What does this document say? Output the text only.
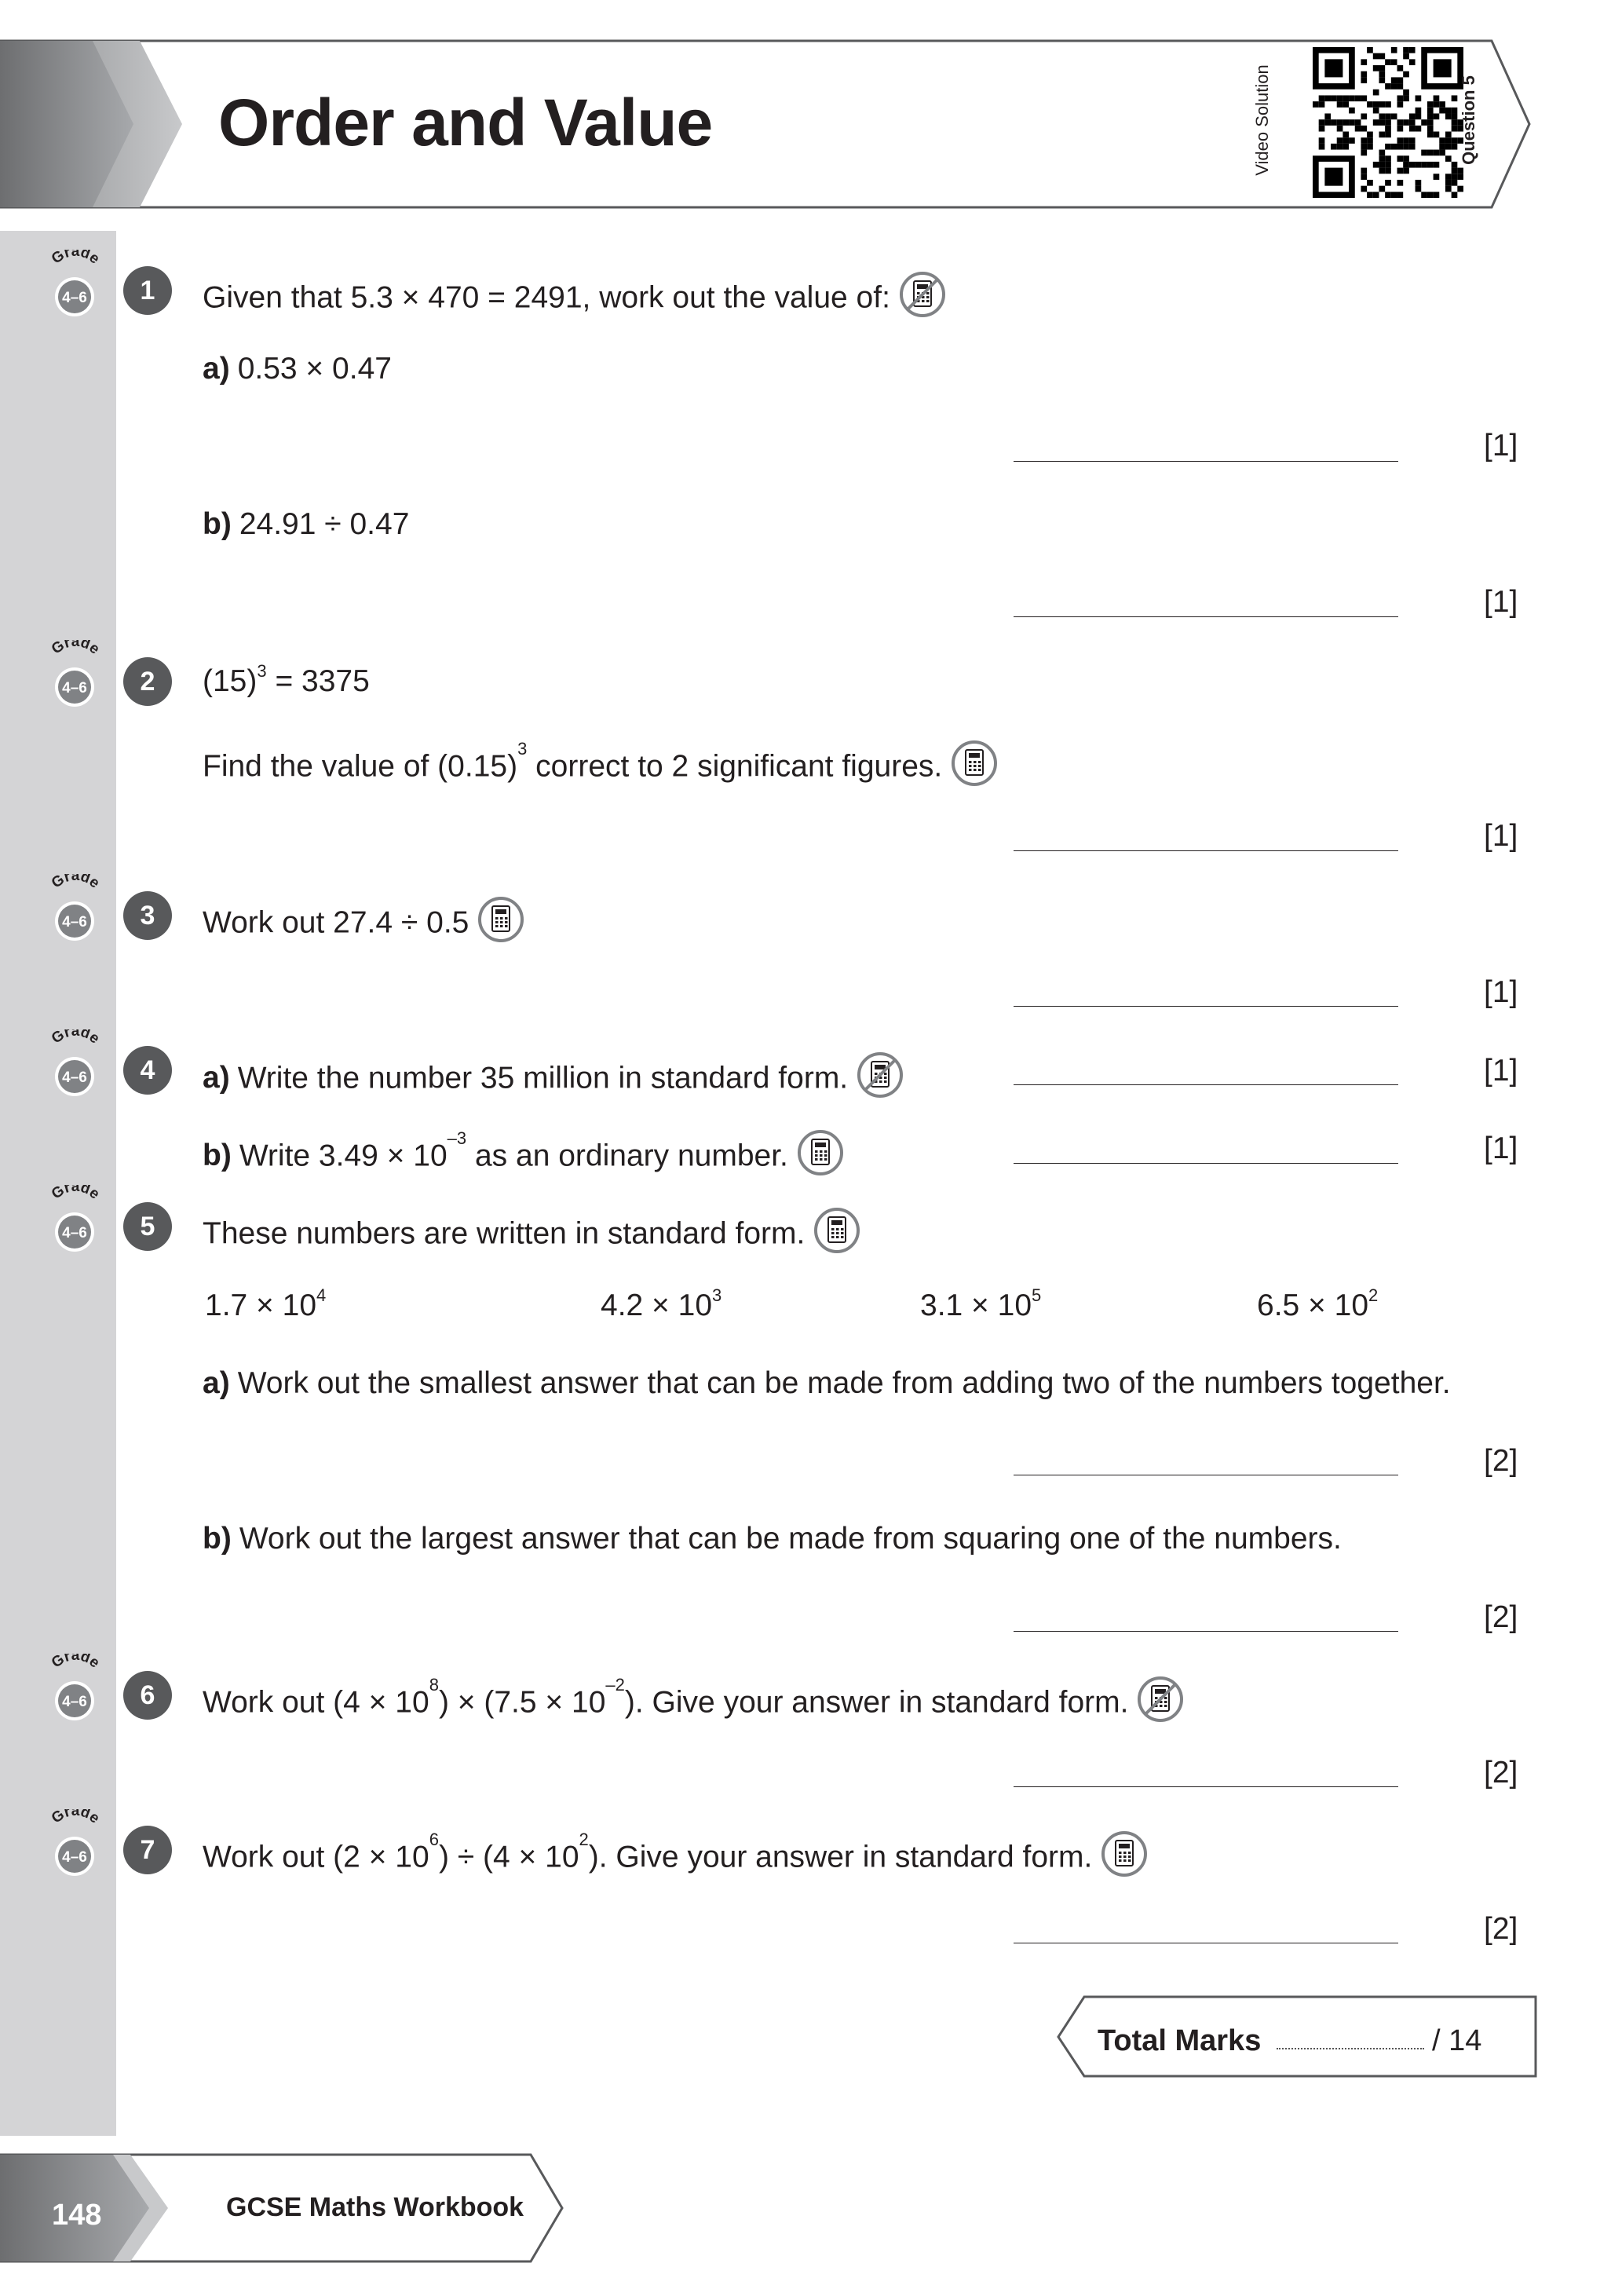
Order and Value	Video Solution	Question 5
Grade
4–6
Grade
4–6
Grade
4–6
Grade
4–6
Grade
4–6
Grade
4–6
Grade
4–6
1
2
3
4
5
6
7
Given that 5.3 × 470 = 2491, work out the value of:
a) 0.53 × 0.47
[1]
b) 24.91 ÷ 0.47
[1]
$(15)^3 = 3375$
Find the value of $(0.15)^3$ correct to 2 significant figures.
[1]
Work out 27.4 ÷ 0.5
[1]
a) Write the number 35 million in standard form.	[1]
b) Write $3.49 \times 10^{-3}$ as an ordinary number.	[1]
These numbers are written in standard form.
$1.7 \times 10^4$	$4.2 \times 10^3$	$3.1 \times 10^5$	$6.5 \times 10^2$
a) Work out the smallest answer that can be made from adding two of the numbers together.
[2]
b) Work out the largest answer that can be made from squaring one of the numbers.
[2]
Work out $(4 \times 10^8) \times (7.5 \times 10^{-2})$. Give your answer in standard form.
[2]
Work out $(2 \times 10^6) \div (4 \times 10^2)$. Give your answer in standard form.
[2]
Total Marks	/ 14
148	GCSE Maths Workbook
